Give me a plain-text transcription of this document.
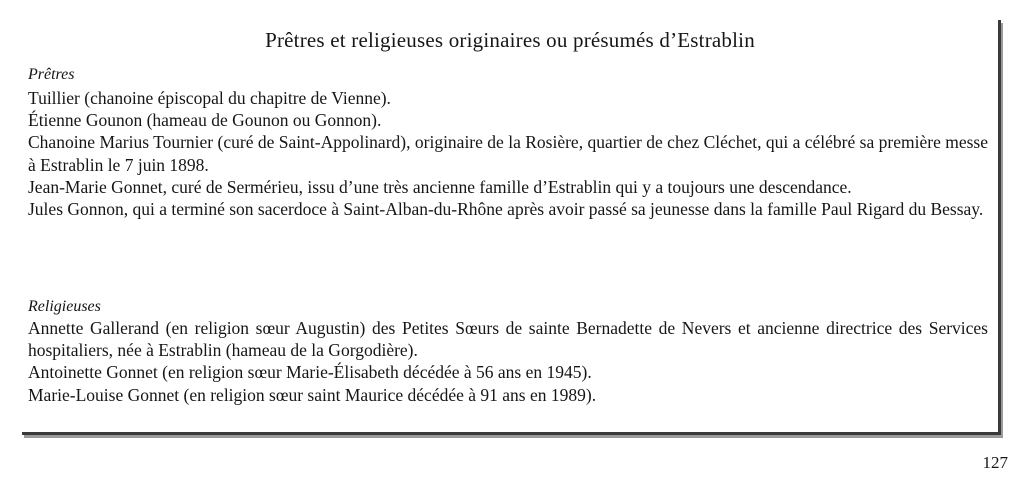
Prêtres et religieuses originaires ou présumés d’Estrablin
Prêtres
Tuillier (chanoine épiscopal du chapitre de Vienne).
Étienne Gounon (hameau de Gounon ou Gonnon).
Chanoine Marius Tournier (curé de Saint-Appolinard), originaire de la Rosière, quartier de chez Cléchet, qui a célébré sa première messe à Estrablin le 7 juin 1898.
Jean-Marie Gonnet, curé de Sermérieu, issu d’une très ancienne famille d’Estrablin qui y a toujours une descendance.
Jules Gonnon, qui a terminé son sacerdoce à Saint-Alban-du-Rhône après avoir passé sa jeunesse dans la famille Paul Rigard du Bessay.
Religieuses
Annette Gallerand (en religion sœur Augustin) des Petites Sœurs de sainte Bernadette de Nevers et ancienne directrice des Services hospitaliers, née à Estrablin (hameau de la Gorgodière).
Antoinette Gonnet (en religion sœur Marie-Élisabeth décédée à 56 ans en 1945).
Marie-Louise Gonnet (en religion sœur saint Maurice décédée à 91 ans en 1989).
127
